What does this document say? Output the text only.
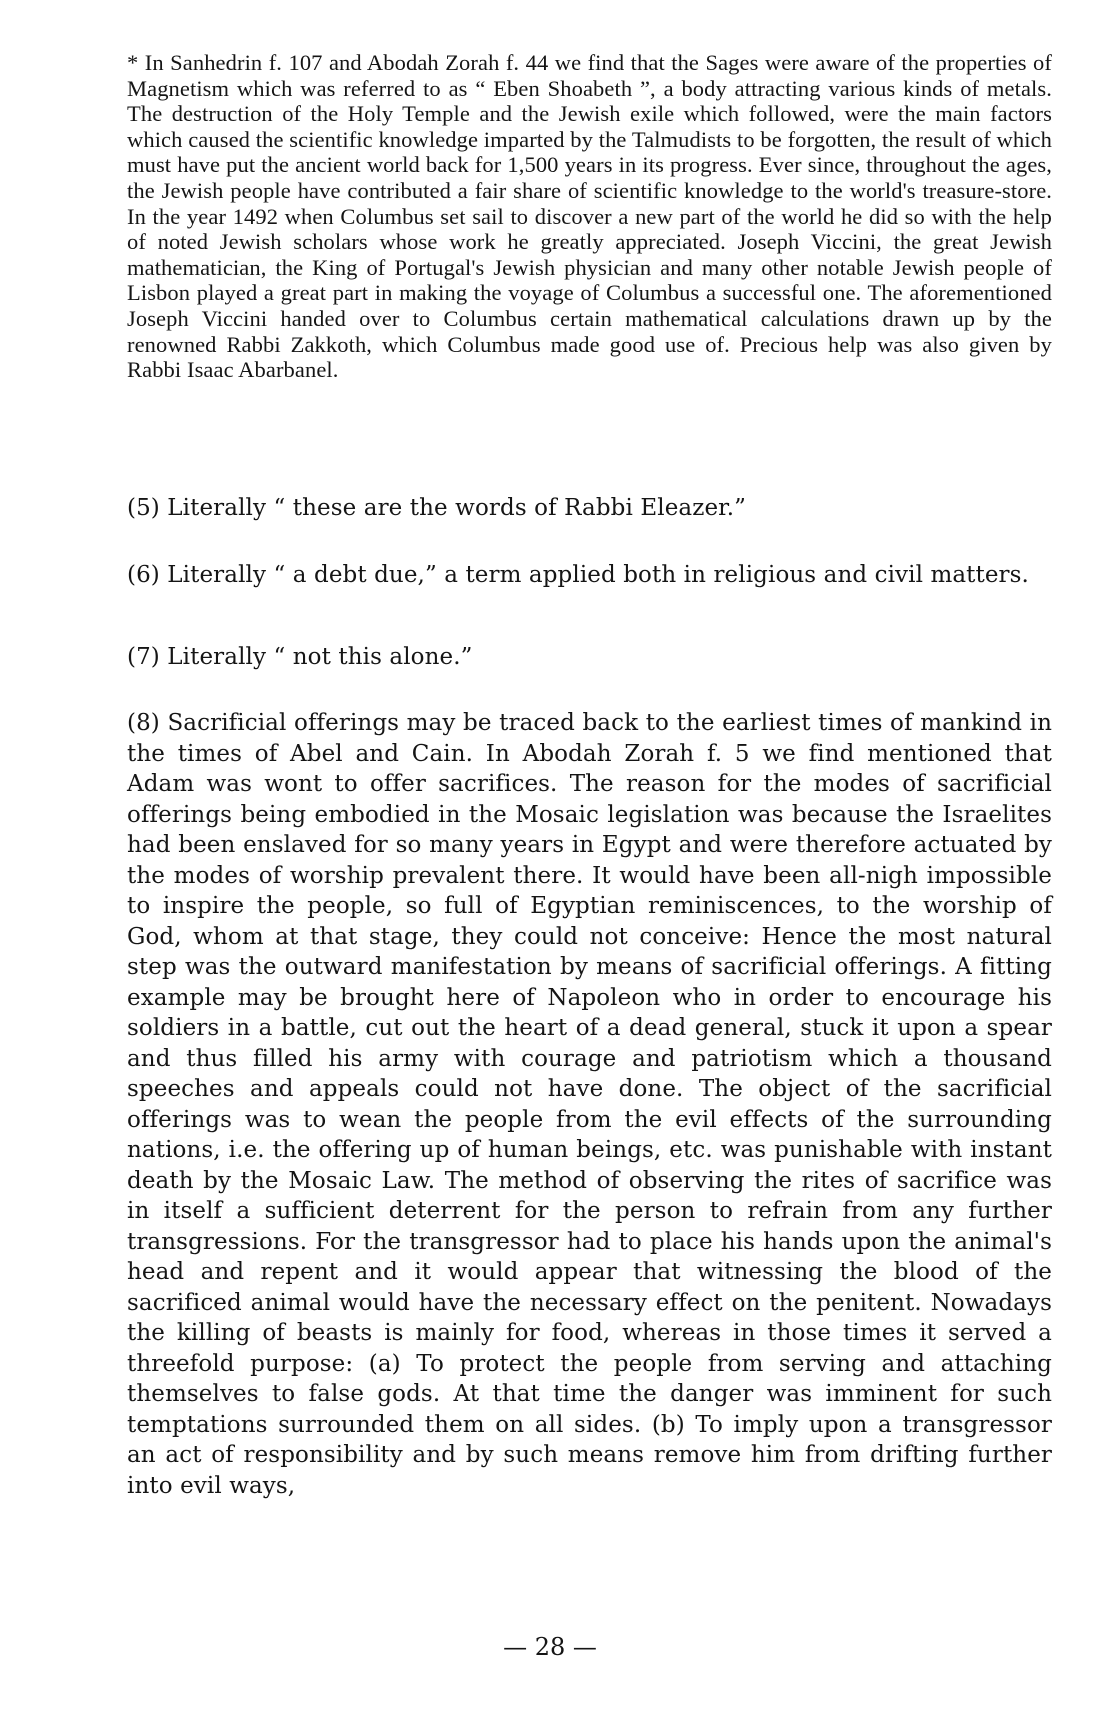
* In Sanhedrin f. 107 and Abodah Zorah f. 44 we find that the Sages were aware of the properties of Magnetism which was referred to as “ Eben Shoabeth ”, a body attracting various kinds of metals. The destruction of the Holy Temple and the Jewish exile which followed, were the main factors which caused the scientific knowledge imparted by the Talmudists to be forgotten, the result of which must have put the ancient world back for 1,500 years in its progress. Ever since, throughout the ages, the Jewish people have contributed a fair share of scientific knowledge to the world's treasure-store. In the year 1492 when Columbus set sail to discover a new part of the world he did so with the help of noted Jewish scholars whose work he greatly appreciated. Joseph Viccini, the great Jewish mathematician, the King of Portugal's Jewish physician and many other notable Jewish people of Lisbon played a great part in making the voyage of Columbus a successful one. The aforementioned Joseph Viccini handed over to Columbus certain mathematical calculations drawn up by the renowned Rabbi Zakkoth, which Columbus made good use of. Precious help was also given by Rabbi Isaac Abarbanel.

(5) Literally “ these are the words of Rabbi Eleazer.”

(6) Literally “ a debt due,” a term applied both in religious and civil matters.

(7) Literally “ not this alone.”

(8) Sacrificial offerings may be traced back to the earliest times of mankind in the times of Abel and Cain. In Abodah Zorah f. 5 we find mentioned that Adam was wont to offer sacrifices. The reason for the modes of sacrificial offerings being embodied in the Mosaic legislation was because the Israelites had been enslaved for so many years in Egypt and were therefore actuated by the modes of worship prevalent there. It would have been all-nigh impossible to inspire the people, so full of Egyptian reminiscences, to the worship of God, whom at that stage, they could not conceive: Hence the most natural step was the outward manifestation by means of sacrificial offerings. A fitting example may be brought here of Napoleon who in order to encourage his soldiers in a battle, cut out the heart of a dead general, stuck it upon a spear and thus filled his army with courage and patriotism which a thousand speeches and appeals could not have done. The object of the sacrificial offerings was to wean the people from the evil effects of the surrounding nations, i.e. the offering up of human beings, etc. was punishable with instant death by the Mosaic Law. The method of observing the rites of sacrifice was in itself a sufficient deterrent for the person to refrain from any further transgressions. For the transgressor had to place his hands upon the animal's head and repent and it would appear that witnessing the blood of the sacrificed animal would have the necessary effect on the penitent. Nowadays the killing of beasts is mainly for food, whereas in those times it served a threefold purpose: (a) To protect the people from serving and attaching themselves to false gods. At that time the danger was imminent for such temptations surrounded them on all sides. (b) To imply upon a transgressor an act of responsibility and by such means remove him from drifting further into evil ways,

— 28 —
